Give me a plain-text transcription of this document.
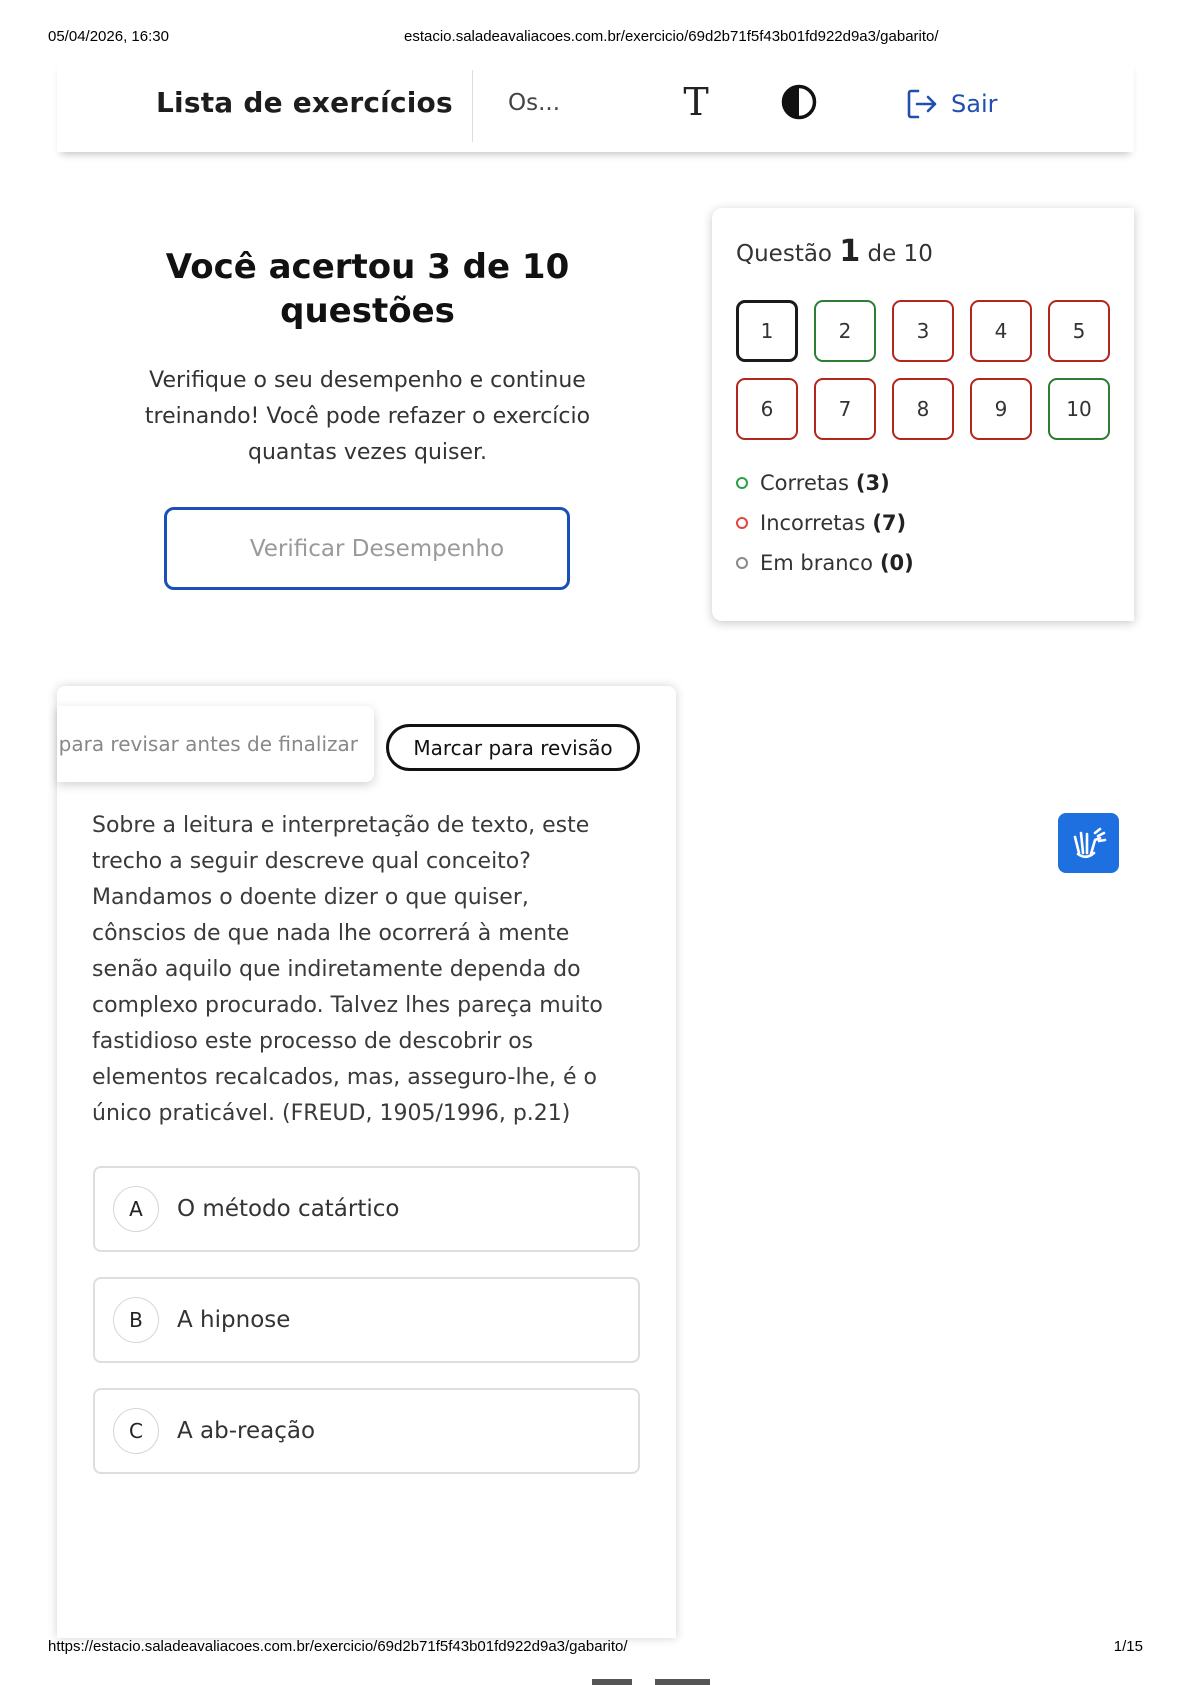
05/04/2026, 16:30	estacio.saladeavaliacoes.com.br/exercicio/69d2b71f5f43b01fd922d9a3/gabarito/
Lista de exercícios Os...	T	Sair
Você acertou 3 de 10 questões
Verifique o seu desempenho e continue treinando! Você pode refazer o exercício quantas vezes quiser.
Verificar Desempenho
Questão 1 de 10
1	2	3	4	5
6	7	8	9	10
Corretas (3)
Incorretas (7)
Em branco (0)
para revisar antes de finalizar	Marcar para revisão

Sobre a leitura e interpretação de texto, este

trecho a seguir descreve qual conceito?

Mandamos o doente dizer o que quiser,

cônscios de que nada lhe ocorrerá à mente

senão aquilo que indiretamente dependa do

complexo procurado. Talvez lhes pareça muito

fastidioso este processo de descobrir os

elementos recalcados, mas, asseguro-lhe, é o

único praticável. (FREUD, 1905/1996, p.21)

A	O método catártico
B	A hipnose
C	A ab-reação
https://estacio.saladeavaliacoes.com.br/exercicio/69d2b71f5f43b01fd922d9a3/gabarito/	1/15
